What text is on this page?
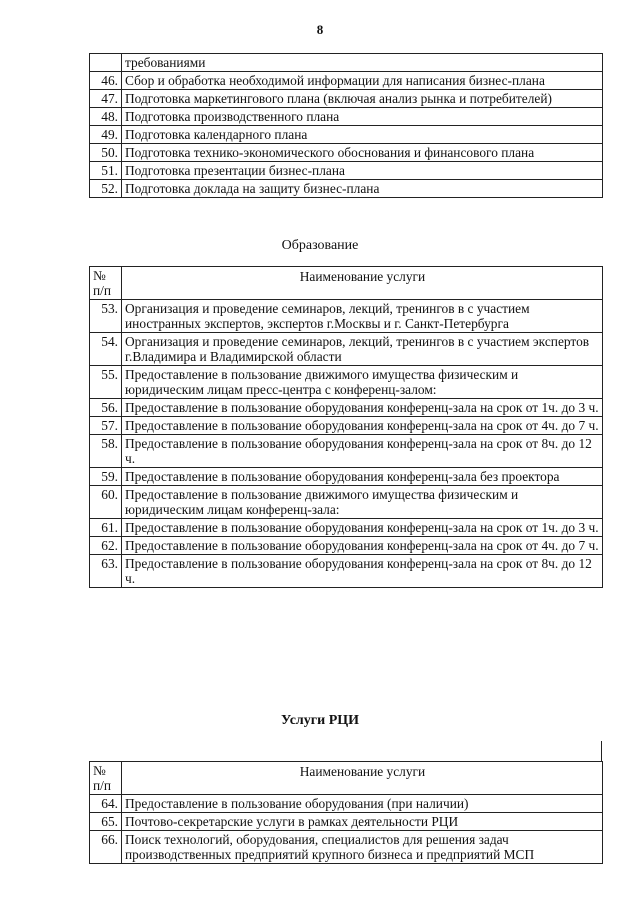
8
	требованиями
46.	Сбор и обработка необходимой информации для написания бизнес-плана
47.	Подготовка маркетингового плана (включая анализ рынка и потребителей)
48.	Подготовка производственного плана
49.	Подготовка календарного плана
50.	Подготовка технико-экономического обоснования и финансового плана
51.	Подготовка презентации бизнес-плана
52.	Подготовка доклада на защиту бизнес-плана
Образование
№ п/п	Наименование услуги
53.	Организация и проведение семинаров, лекций, тренингов в с участием иностранных экспертов, экспертов г.Москвы и г. Санкт-Петербурга
54.	Организация и проведение семинаров, лекций, тренингов в с участием экспертов г.Владимира и Владимирской области
55.	Предоставление в пользование движимого имущества физическим и юридическим лицам пресс-центра с конференц-залом:
56.	Предоставление в пользование оборудования конференц-зала на срок от 1ч. до 3 ч.
57.	Предоставление в пользование оборудования конференц-зала на срок от 4ч. до 7 ч.
58.	Предоставление в пользование оборудования конференц-зала на срок от 8ч. до 12 ч.
59.	Предоставление в пользование оборудования конференц-зала без проектора
60.	Предоставление в пользование движимого имущества физическим и юридическим лицам конференц-зала:
61.	Предоставление в пользование оборудования конференц-зала на срок от 1ч. до 3 ч.
62.	Предоставление в пользование оборудования конференц-зала на срок от 4ч. до 7 ч.
63.	Предоставление в пользование оборудования конференц-зала на срок от 8ч. до 12 ч.
Услуги РЦИ
№ п/п	Наименование услуги
64.	Предоставление в пользование оборудования (при наличии)
65.	Почтово-секретарские услуги в рамках деятельности РЦИ
66.	Поиск технологий, оборудования, специалистов для решения задач производственных предприятий крупного бизнеса и предприятий МСП
